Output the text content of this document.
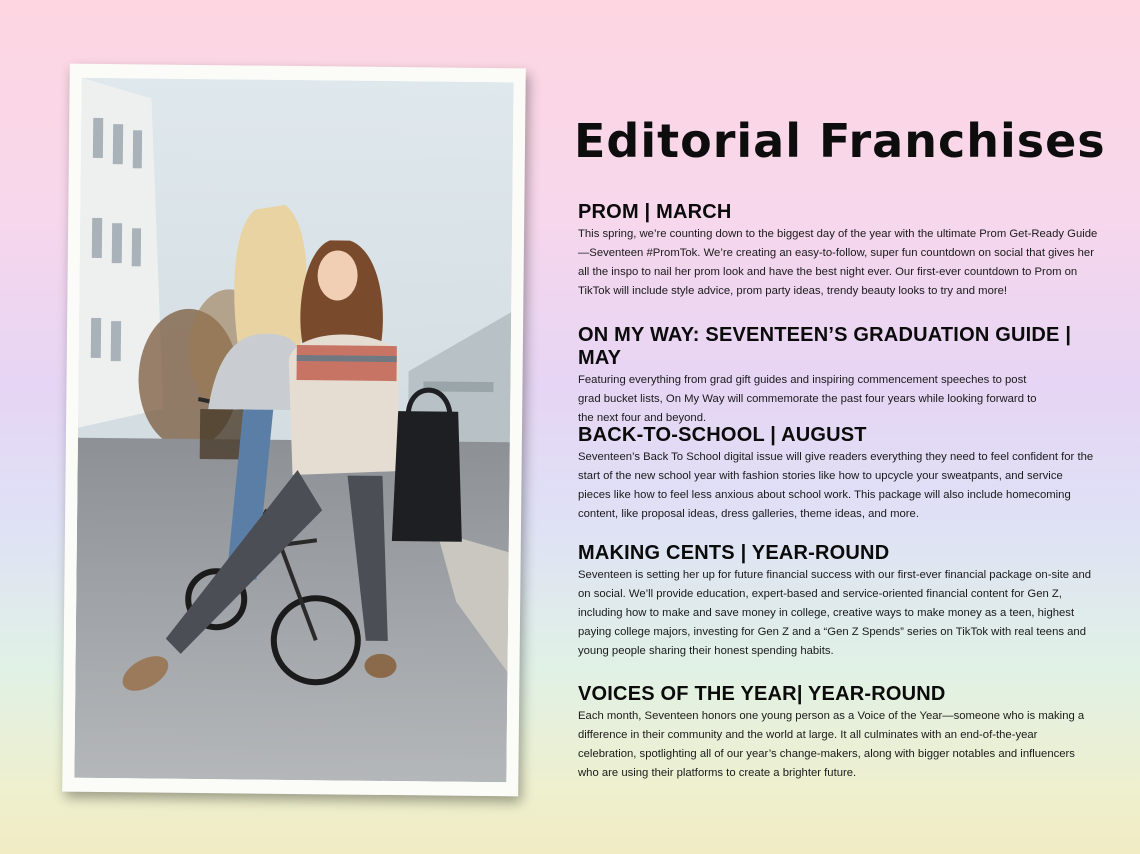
Editorial Franchises
PROM | MARCH

This spring, we’re counting down to the biggest day of the year with the ultimate Prom Get-Ready Guide—Seventeen #PromTok. We’re creating an easy-to-follow, super fun countdown on social that gives her all the inspo to nail her prom look and have the best night ever. Our first-ever countdown to Prom on TikTok will include style advice, prom party ideas, trendy beauty looks to try and more!

ON MY WAY: SEVENTEEN’S GRADUATION GUIDE | MAY

Featuring everything from grad gift guides and inspiring commencement speeches to post grad bucket lists, On My Way will commemorate the past four years while looking forward to the next four and beyond.

BACK-TO-SCHOOL | AUGUST

Seventeen’s Back To School digital issue will give readers everything they need to feel confident for the start of the new school year with fashion stories like how to upcycle your sweatpants, and service pieces like how to feel less anxious about school work. This package will also include homecoming content, like proposal ideas, dress galleries, theme ideas, and more.

MAKING CENTS | YEAR-ROUND

Seventeen is setting her up for future financial success with our first-ever financial package on-site and on social. We’ll provide education, expert-based and service-oriented financial content for Gen Z, including how to make and save money in college, creative ways to make money as a teen, highest paying college majors, investing for Gen Z and a “Gen Z Spends” series on TikTok with real teens and young people sharing their honest spending habits.

VOICES OF THE YEAR| YEAR-ROUND

Each month, Seventeen honors one young person as a Voice of the Year—someone who is making a difference in their community and the world at large. It all culminates with an end-of-the-year celebration, spotlighting all of our year’s change-makers, along with bigger notables and influencers who are using their platforms to create a brighter future.
